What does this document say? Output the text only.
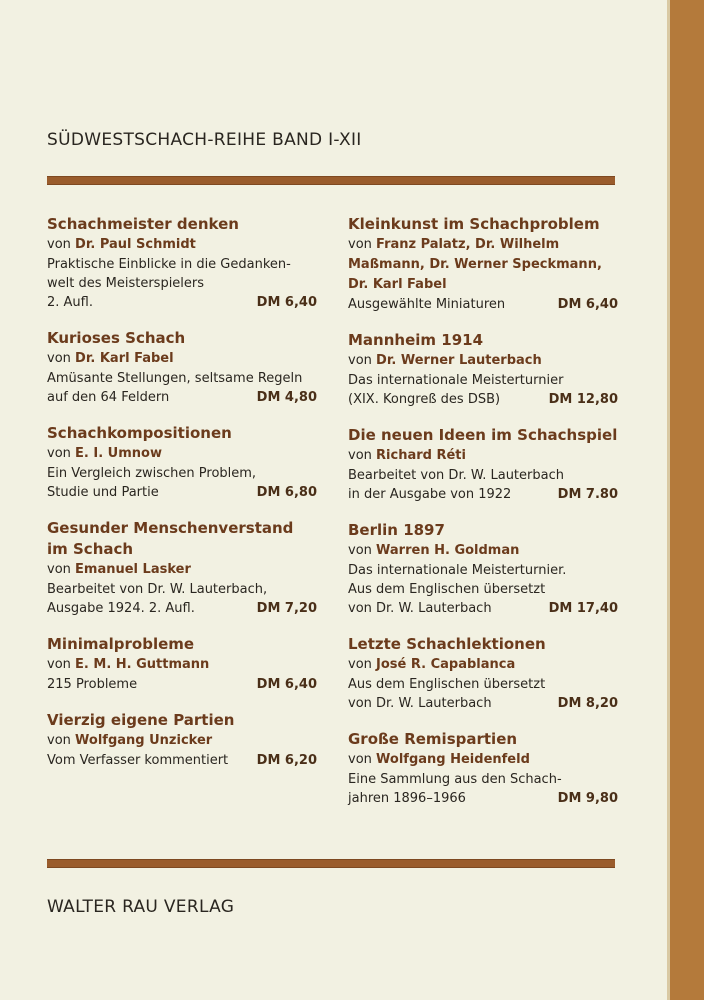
SÜDWESTSCHACH-REIHE BAND I-XII
Schachmeister denken
von Dr. Paul Schmidt
Praktische Einblicke in die Gedanken-
welt des Meisterspielers
2. Aufl.	DM 6,40
Kurioses Schach
von Dr. Karl Fabel
Amüsante Stellungen, seltsame Regeln
auf den 64 Feldern	DM 4,80
Schachkompositionen
von E. I. Umnow
Ein Vergleich zwischen Problem,
Studie und Partie	DM 6,80
Gesunder Menschenverstand im Schach
von Emanuel Lasker
Bearbeitet von Dr. W. Lauterbach,
Ausgabe 1924. 2. Aufl.	DM 7,20
Minimalprobleme
von E. M. H. Guttmann
215 Probleme	DM 6,40
Vierzig eigene Partien
von Wolfgang Unzicker
Vom Verfasser kommentiert DM 6,20
Kleinkunst im Schachproblem
von Franz Palatz, Dr. Wilhelm Maßmann, Dr. Werner Speckmann, Dr. Karl Fabel
Ausgewählte Miniaturen	DM 6,40
Mannheim 1914
von Dr. Werner Lauterbach
Das internationale Meisterturnier
(XIX. Kongreß des DSB)	DM 12,80
Die neuen Ideen im Schachspiel
von Richard Réti
Bearbeitet von Dr. W. Lauterbach
in der Ausgabe von 1922	DM 7.80
Berlin 1897
von Warren H. Goldman
Das internationale Meisterturnier.
Aus dem Englischen übersetzt
von Dr. W. Lauterbach	DM 17,40
Letzte Schachlektionen
von José R. Capablanca
Aus dem Englischen übersetzt
von Dr. W. Lauterbach	DM 8,20
Große Remispartien
von Wolfgang Heidenfeld
Eine Sammlung aus den Schach-
jahren 1896–1966	DM 9,80
WALTER RAU VERLAG
